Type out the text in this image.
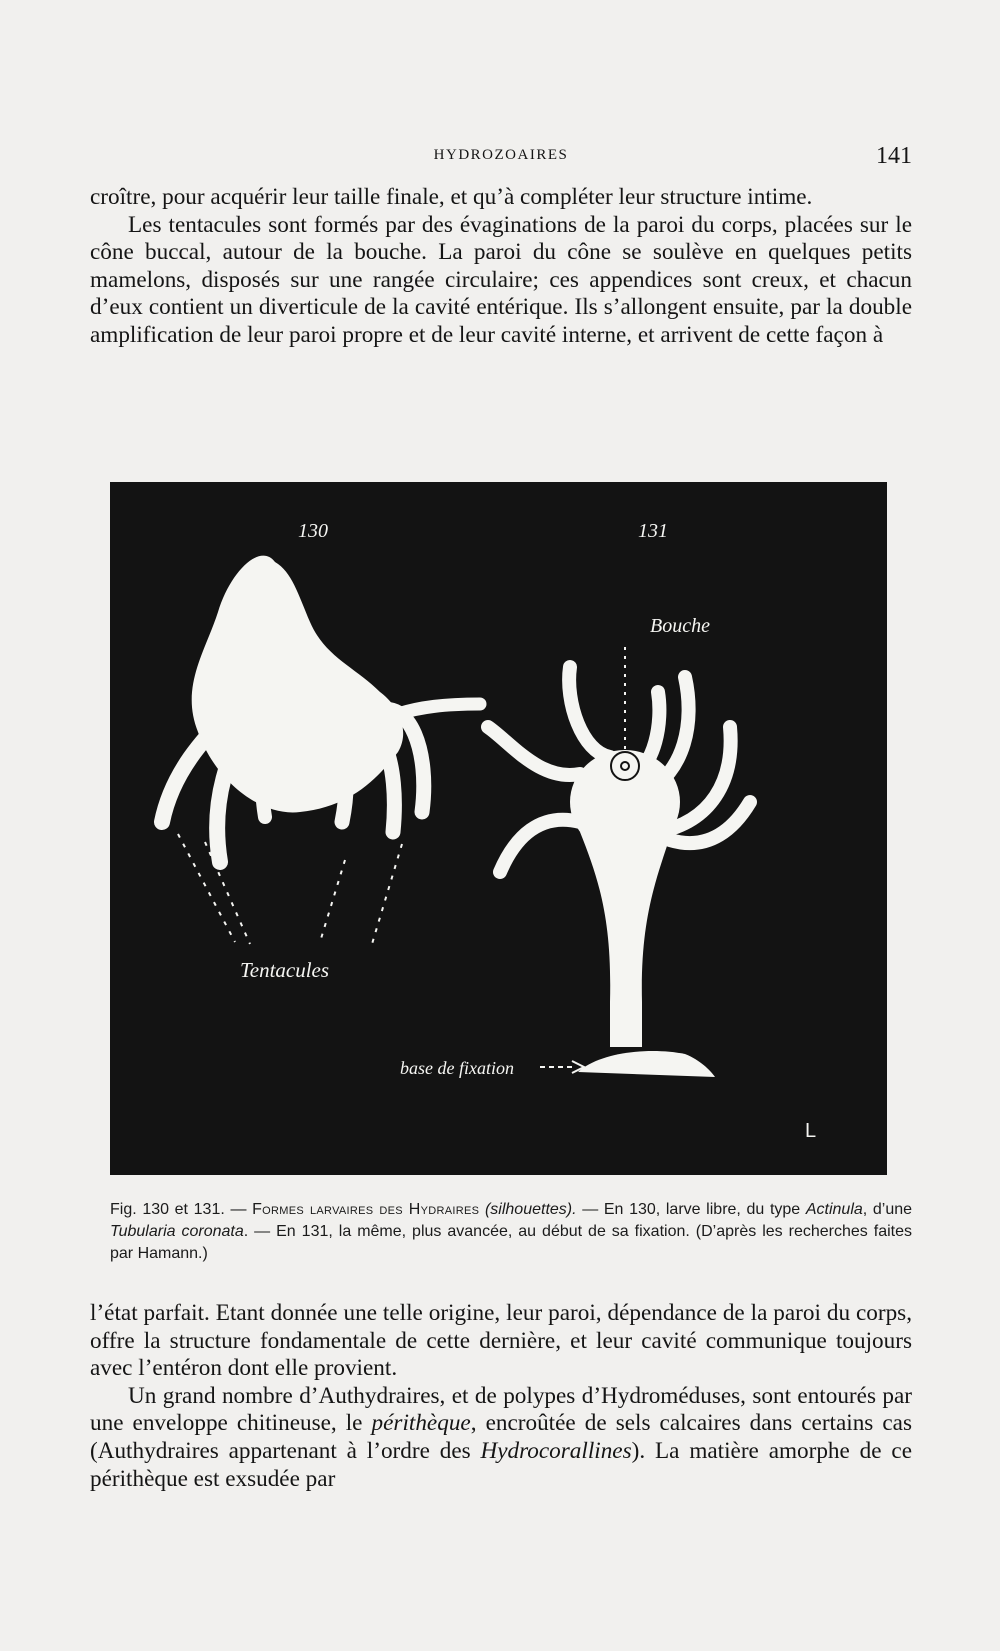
HYDROZOAIRES	141

croître, pour acquérir leur taille finale, et qu’à compléter leur structure intime.

Les tentacules sont formés par des évaginations de la paroi du corps, placées sur le cône buccal, autour de la bouche. La paroi du cône se soulève en quelques petits mamelons, disposés sur une rangée circulaire; ces appendices sont creux, et chacun d’eux contient un diverticule de la cavité entérique. Ils s’allongent ensuite, par la double amplification de leur paroi propre et de leur cavité interne, et arrivent de cette façon à

130	131
Bouche
Tentacules
base de fixation
L

Fig. 130 et 131. — Formes larvaires des Hydraires (silhouettes). — En 130, larve libre, du type Actinula, d’une Tubularia coronata. — En 131, la même, plus avancée, au début de sa fixation. (D’après les recherches faites par Hamann.)

l’état parfait. Etant donnée une telle origine, leur paroi, dépendance de la paroi du corps, offre la structure fondamentale de cette dernière, et leur cavité communique toujours avec l’entéron dont elle provient.

Un grand nombre d’Authydraires, et de polypes d’Hydroméduses, sont entourés par une enveloppe chitineuse, le périthèque, encroûtée de sels calcaires dans certains cas (Authydraires appartenant à l’ordre des Hydrocorallines). La matière amorphe de ce périthèque est exsudée par
